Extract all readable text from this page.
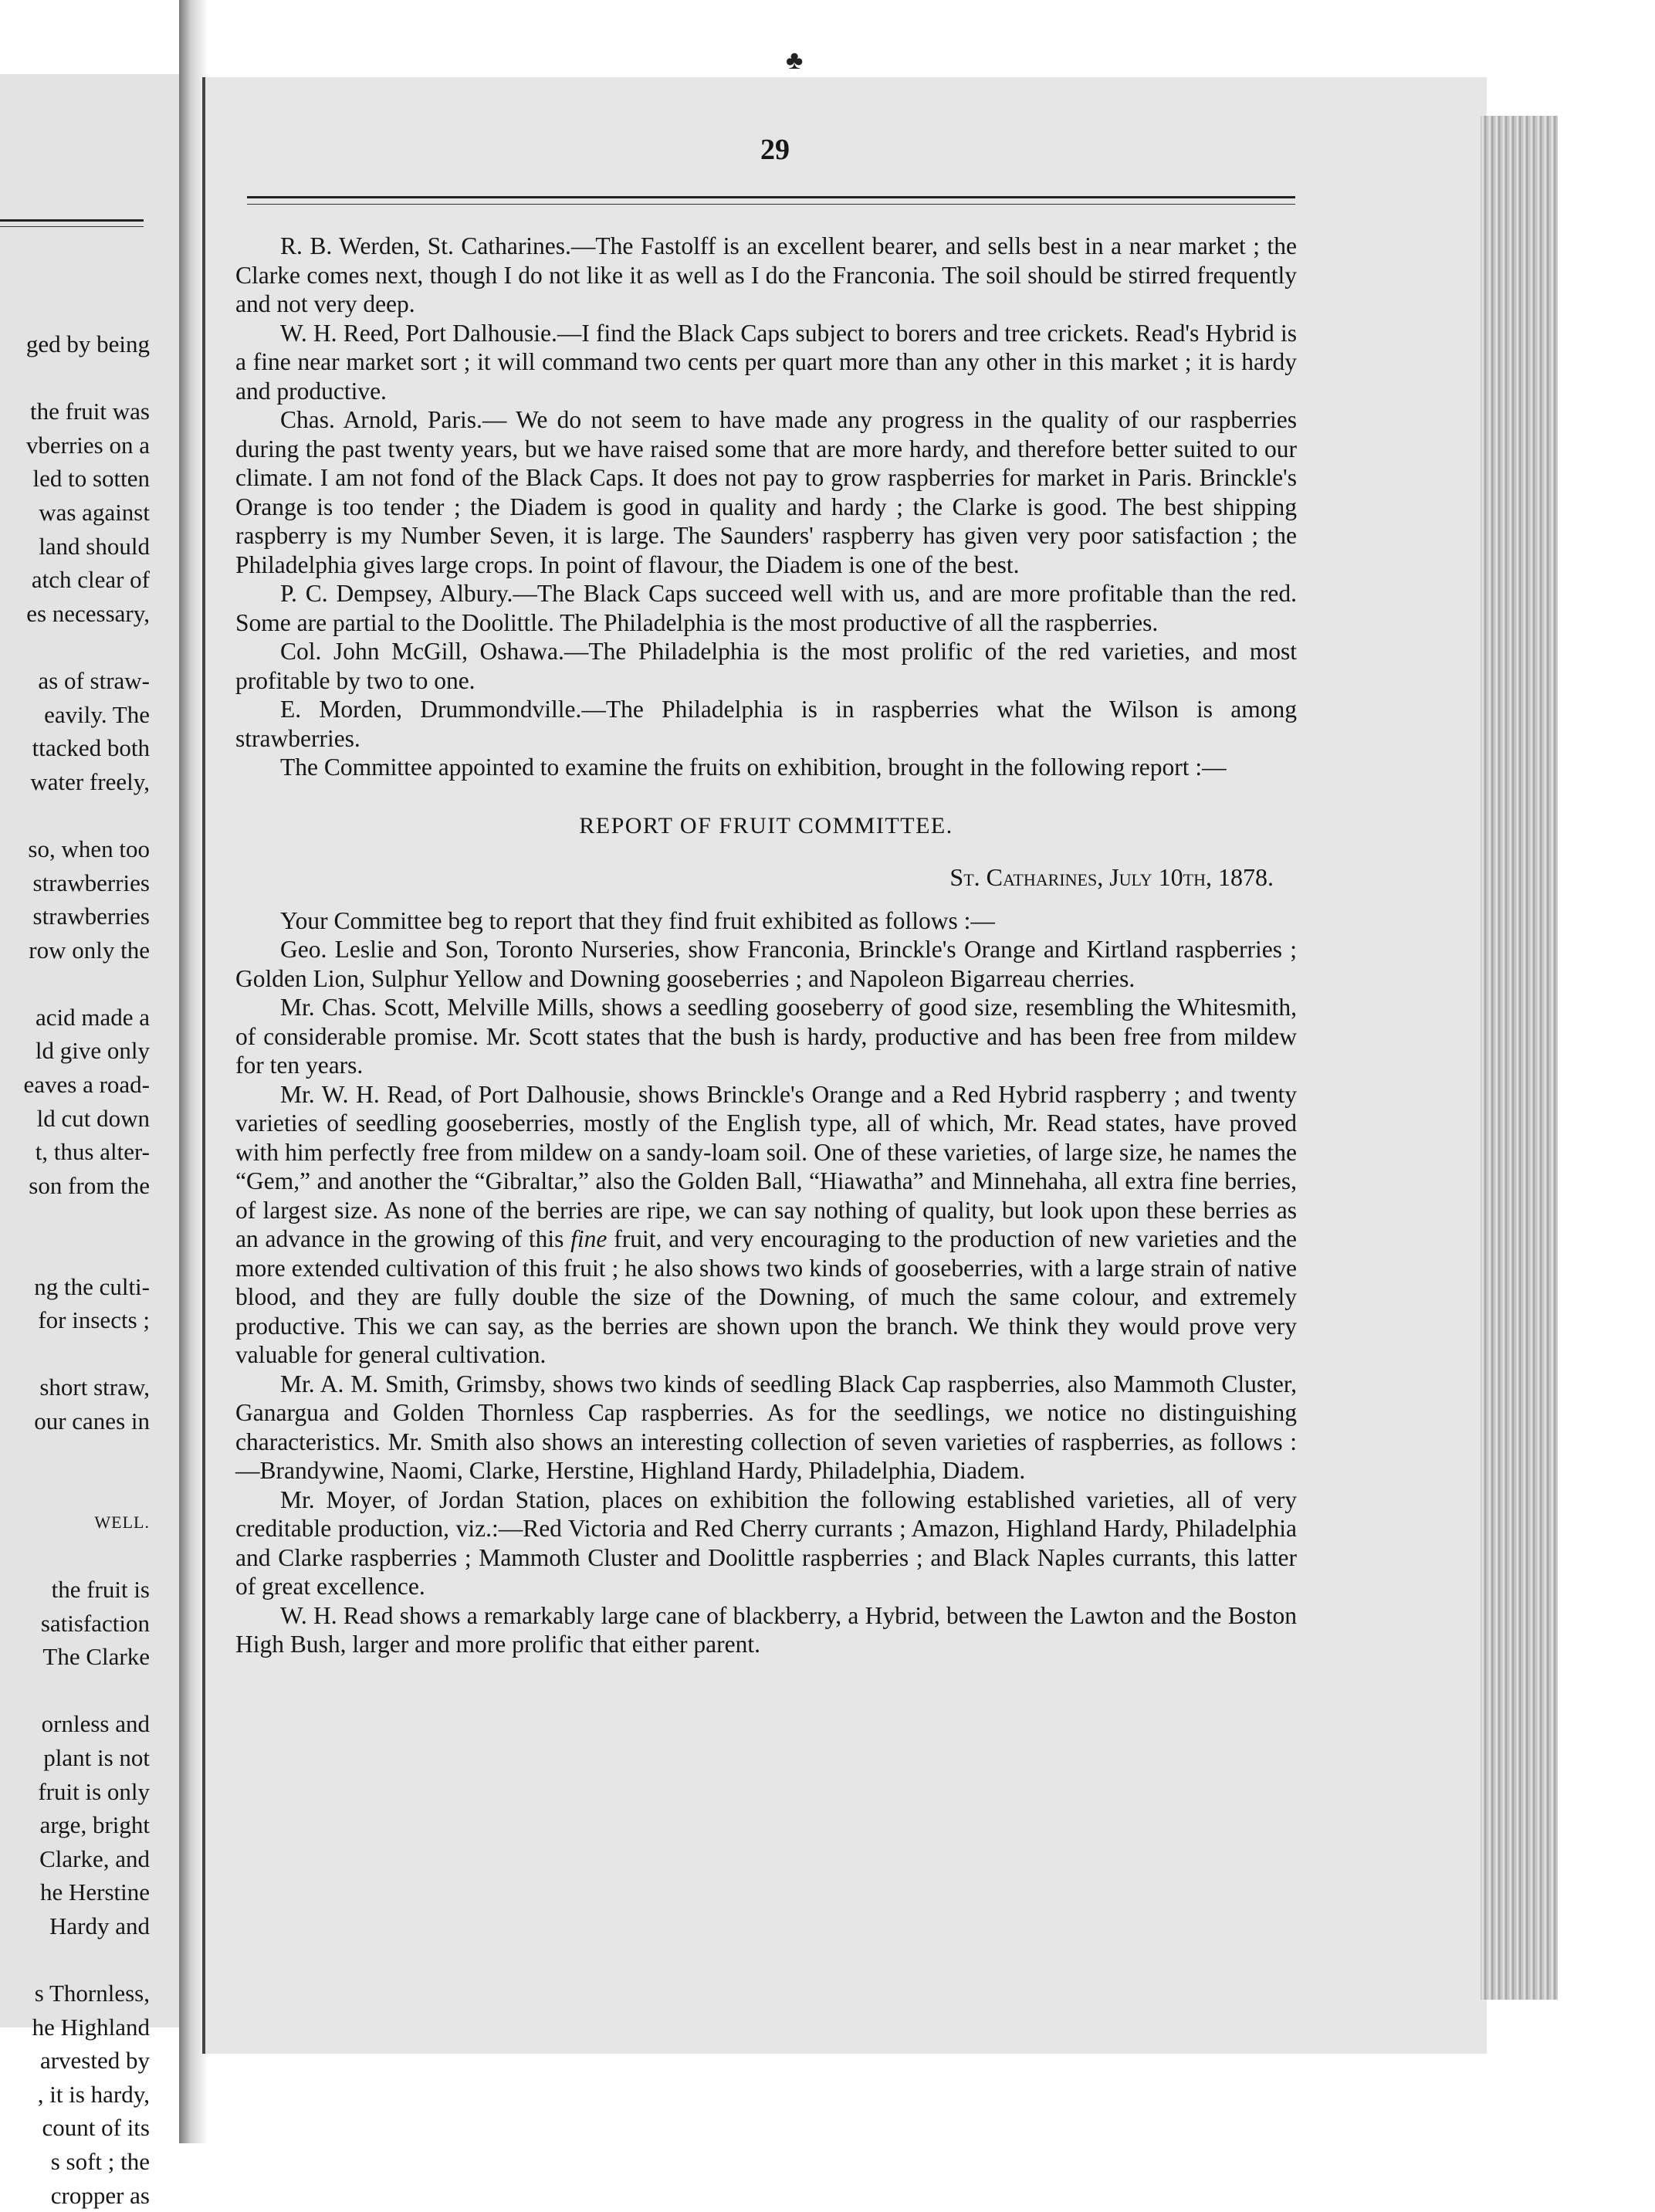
ged by being
the fruit was
vberries on a
led to sotten
was against
land should
atch clear of
es necessary,
as of straw-
eavily. The
ttacked both
water freely,
so, when too
strawberries
strawberries
row only the
acid made a
ld give only
eaves a road-
ld cut down
t, thus alter-
son from the
ng the culti-
for insects ;
short straw,
our canes in
WELL.
the fruit is
satisfaction
The Clarke
ornless and
plant is not
fruit is only
arge, bright
Clarke, and
he Herstine
Hardy and
s Thornless,
he Highland
arvested by
, it is hardy,
count of its
s soft ; the
cropper as
♣
29

R. B. Werden, St. Catharines.—The Fastolff is an excellent bearer, and sells best in a near market ; the Clarke comes next, though I do not like it as well as I do the Franconia. The soil should be stirred frequently and not very deep.

W. H. Reed, Port Dalhousie.—I find the Black Caps subject to borers and tree crickets. Read's Hybrid is a fine near market sort ; it will command two cents per quart more than any other in this market ; it is hardy and productive.

Chas. Arnold, Paris.— We do not seem to have made any progress in the quality of our raspberries during the past twenty years, but we have raised some that are more hardy, and therefore better suited to our climate. I am not fond of the Black Caps. It does not pay to grow raspberries for market in Paris. Brinckle's Orange is too tender ; the Diadem is good in quality and hardy ; the Clarke is good. The best shipping raspberry is my Number Seven, it is large. The Saunders' raspberry has given very poor satisfaction ; the Philadelphia gives large crops. In point of flavour, the Diadem is one of the best.

P. C. Dempsey, Albury.—The Black Caps succeed well with us, and are more profitable than the red. Some are partial to the Doolittle. The Philadelphia is the most productive of all the raspberries.

Col. John McGill, Oshawa.—The Philadelphia is the most prolific of the red varieties, and most profitable by two to one.

E. Morden, Drummondville.—The Philadelphia is in raspberries what the Wilson is among strawberries.

The Committee appointed to examine the fruits on exhibition, brought in the following report :—

REPORT OF FRUIT COMMITTEE.
St. Catharines, July 10th, 1878.

Your Committee beg to report that they find fruit exhibited as follows :—

Geo. Leslie and Son, Toronto Nurseries, show Franconia, Brinckle's Orange and Kirtland raspberries ; Golden Lion, Sulphur Yellow and Downing gooseberries ; and Napoleon Bigarreau cherries.

Mr. Chas. Scott, Melville Mills, shows a seedling gooseberry of good size, resembling the Whitesmith, of considerable promise. Mr. Scott states that the bush is hardy, productive and has been free from mildew for ten years.

Mr. W. H. Read, of Port Dalhousie, shows Brinckle's Orange and a Red Hybrid raspberry ; and twenty varieties of seedling gooseberries, mostly of the English type, all of which, Mr. Read states, have proved with him perfectly free from mildew on a sandy-loam soil. One of these varieties, of large size, he names the “Gem,” and another the “Gibraltar,” also the Golden Ball, “Hiawatha” and Minnehaha, all extra fine berries, of largest size. As none of the berries are ripe, we can say nothing of quality, but look upon these berries as an advance in the growing of this fine fruit, and very encouraging to the production of new varieties and the more extended cultivation of this fruit ; he also shows two kinds of gooseberries, with a large strain of native blood, and they are fully double the size of the Downing, of much the same colour, and extremely productive. This we can say, as the berries are shown upon the branch. We think they would prove very valuable for general cultivation.

Mr. A. M. Smith, Grimsby, shows two kinds of seedling Black Cap raspberries, also Mammoth Cluster, Ganargua and Golden Thornless Cap raspberries. As for the seedlings, we notice no distinguishing characteristics. Mr. Smith also shows an interesting collection of seven varieties of raspberries, as follows :—Brandywine, Naomi, Clarke, Herstine, Highland Hardy, Philadelphia, Diadem.

Mr. Moyer, of Jordan Station, places on exhibition the following established varieties, all of very creditable production, viz.:—Red Victoria and Red Cherry currants ; Amazon, Highland Hardy, Philadelphia and Clarke raspberries ; Mammoth Cluster and Doolittle raspberries ; and Black Naples currants, this latter of great excellence.

W. H. Read shows a remarkably large cane of blackberry, a Hybrid, between the Lawton and the Boston High Bush, larger and more prolific that either parent.
